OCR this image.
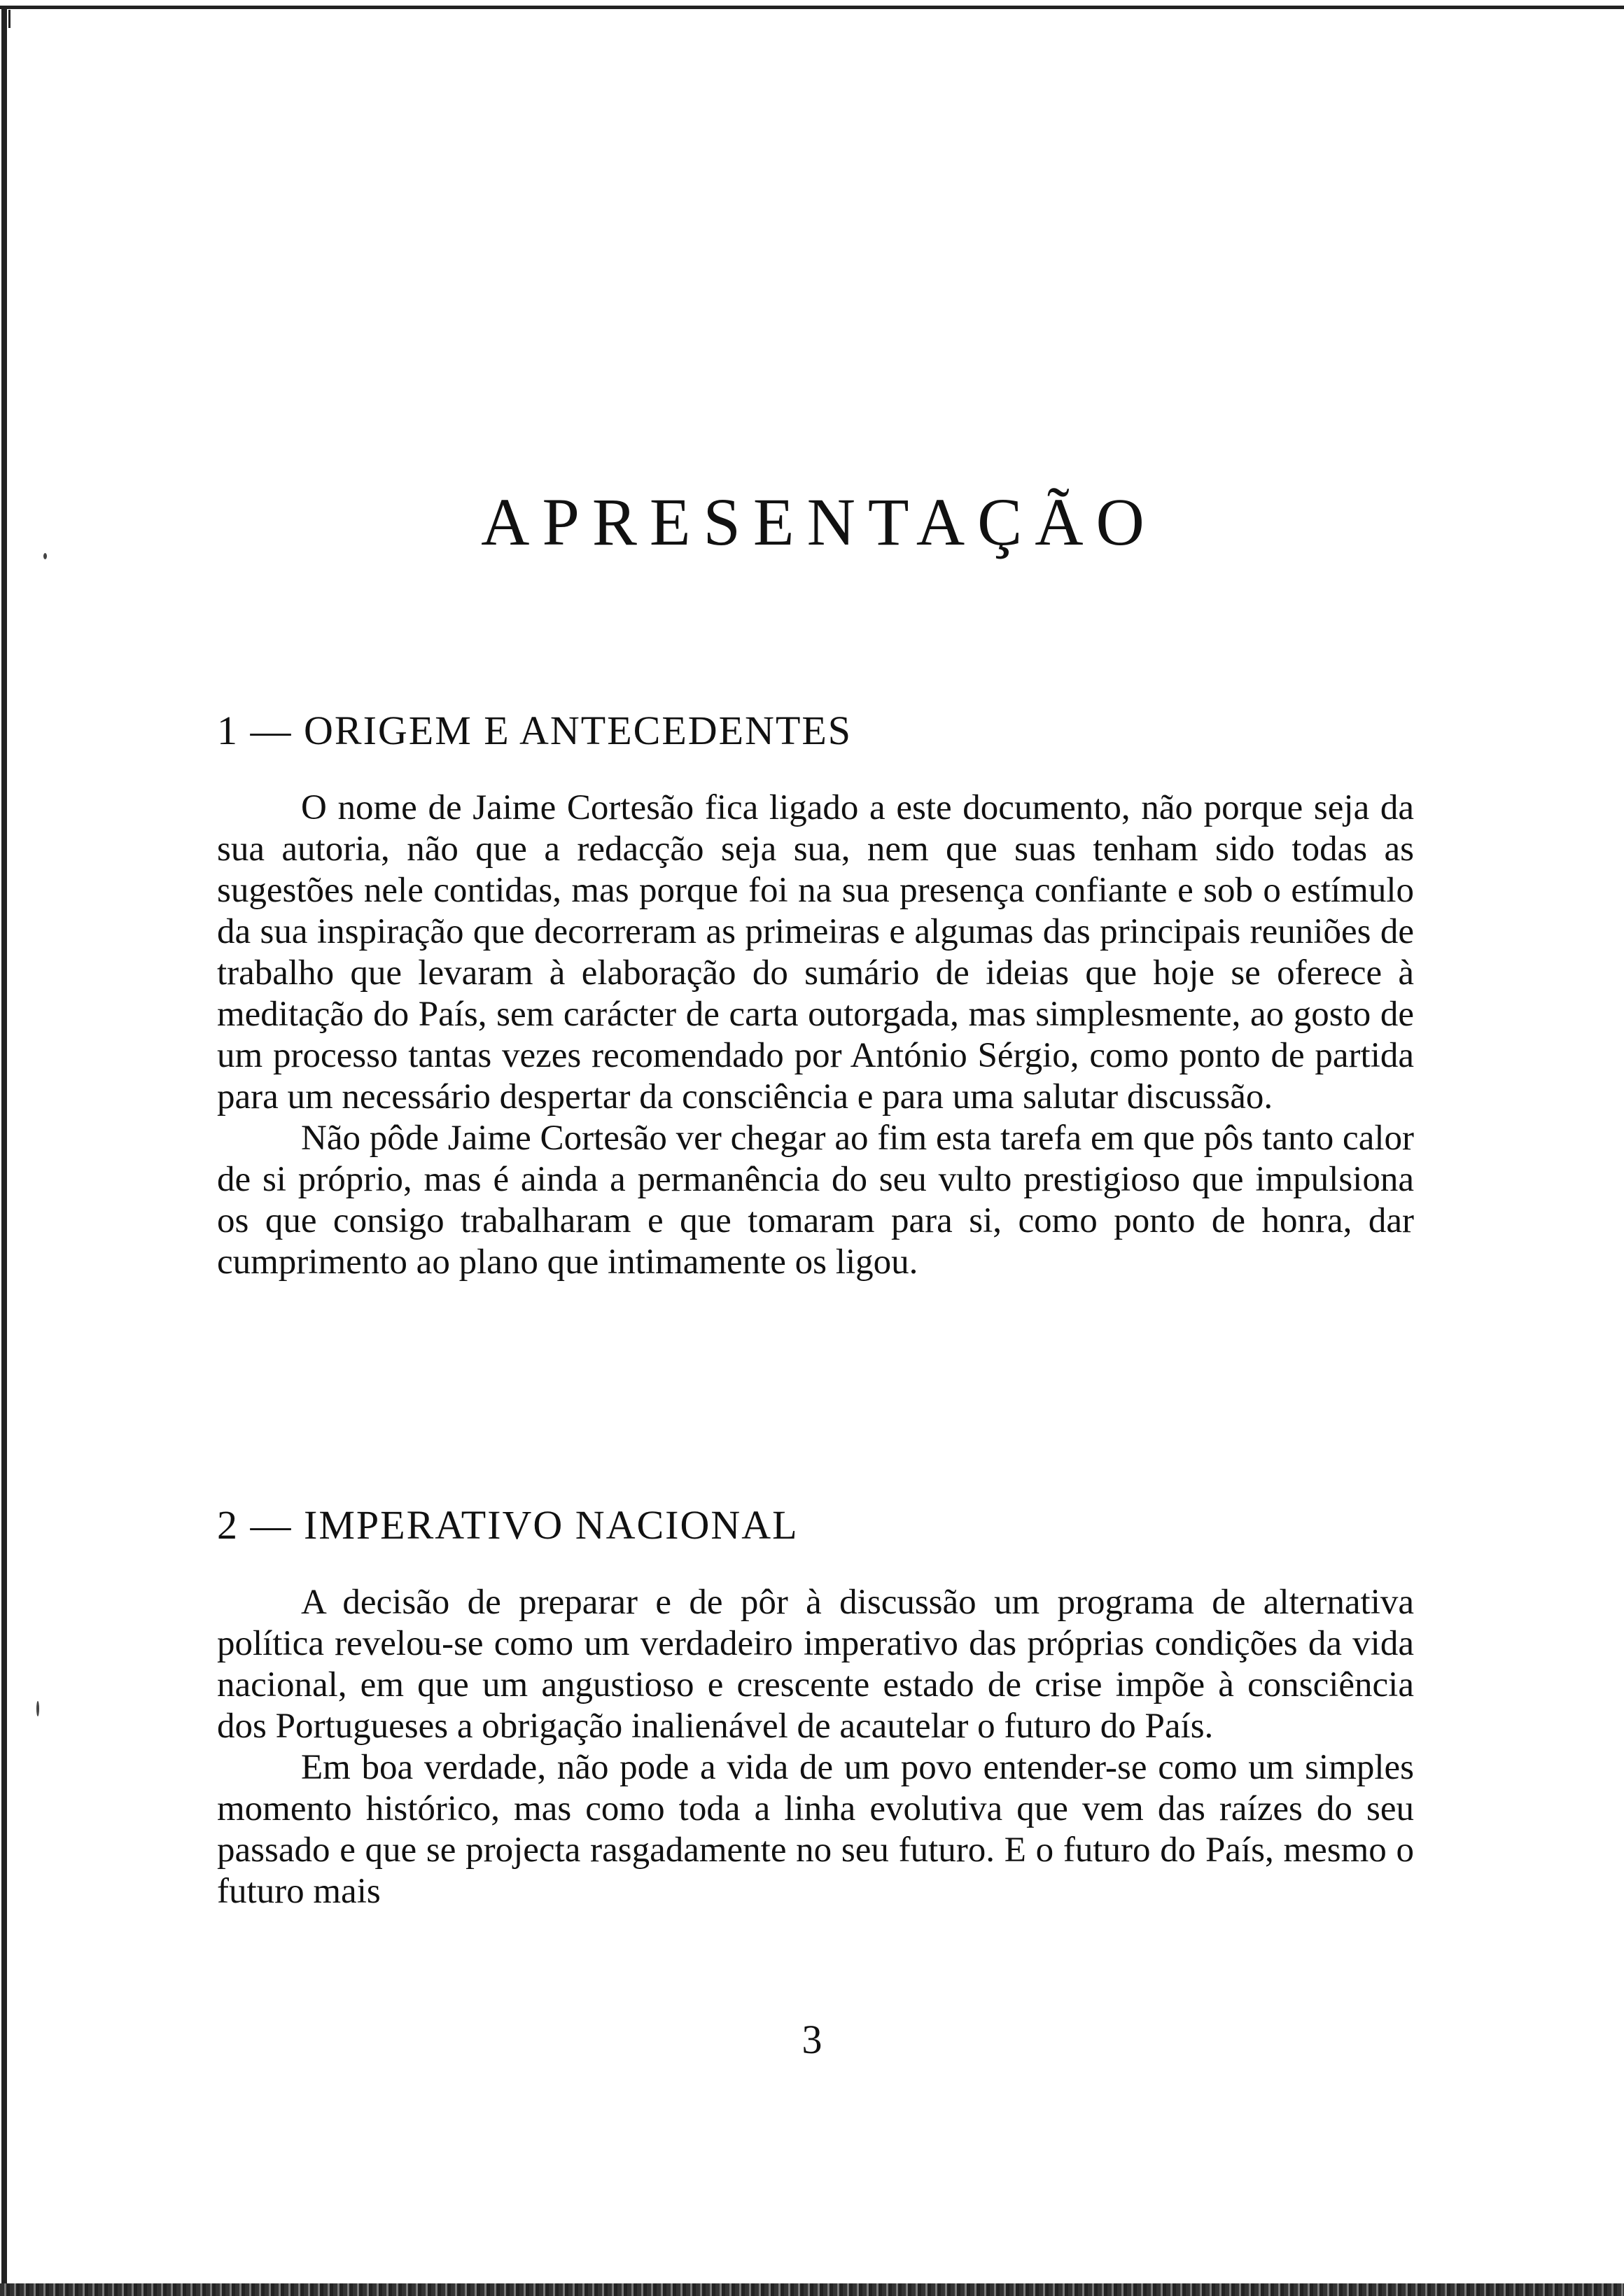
APRESENTAÇÃO
1 — ORIGEM E ANTECEDENTES

O nome de Jaime Cortesão fica ligado a este documento, não porque seja da sua autoria, não que a redacção seja sua, nem que suas tenham sido todas as sugestões nele contidas, mas porque foi na sua presença confiante e sob o estímulo da sua inspiração que decorreram as primeiras e algumas das principais reuniões de trabalho que levaram à elaboração do sumário de ideias que hoje se oferece à meditação do País, sem carácter de carta outorgada, mas simplesmente, ao gosto de um processo tantas vezes recomendado por António Sérgio, como ponto de partida para um necessário despertar da consciência e para uma salutar discussão.

Não pôde Jaime Cortesão ver chegar ao fim esta tarefa em que pôs tanto calor de si próprio, mas é ainda a permanência do seu vulto prestigioso que impulsiona os que consigo trabalharam e que tomaram para si, como ponto de honra, dar cumprimento ao plano que intimamente os ligou.

2 — IMPERATIVO NACIONAL

A decisão de preparar e de pôr à discussão um programa de alternativa política revelou-se como um verdadeiro imperativo das próprias condições da vida nacional, em que um angustioso e crescente estado de crise impõe à consciência dos Portugueses a obrigação inalienável de acautelar o futuro do País.

Em boa verdade, não pode a vida de um povo entender-se como um simples momento histórico, mas como toda a linha evolutiva que vem das raízes do seu passado e que se projecta rasgadamente no seu futuro. E o futuro do País, mesmo o futuro mais

3
